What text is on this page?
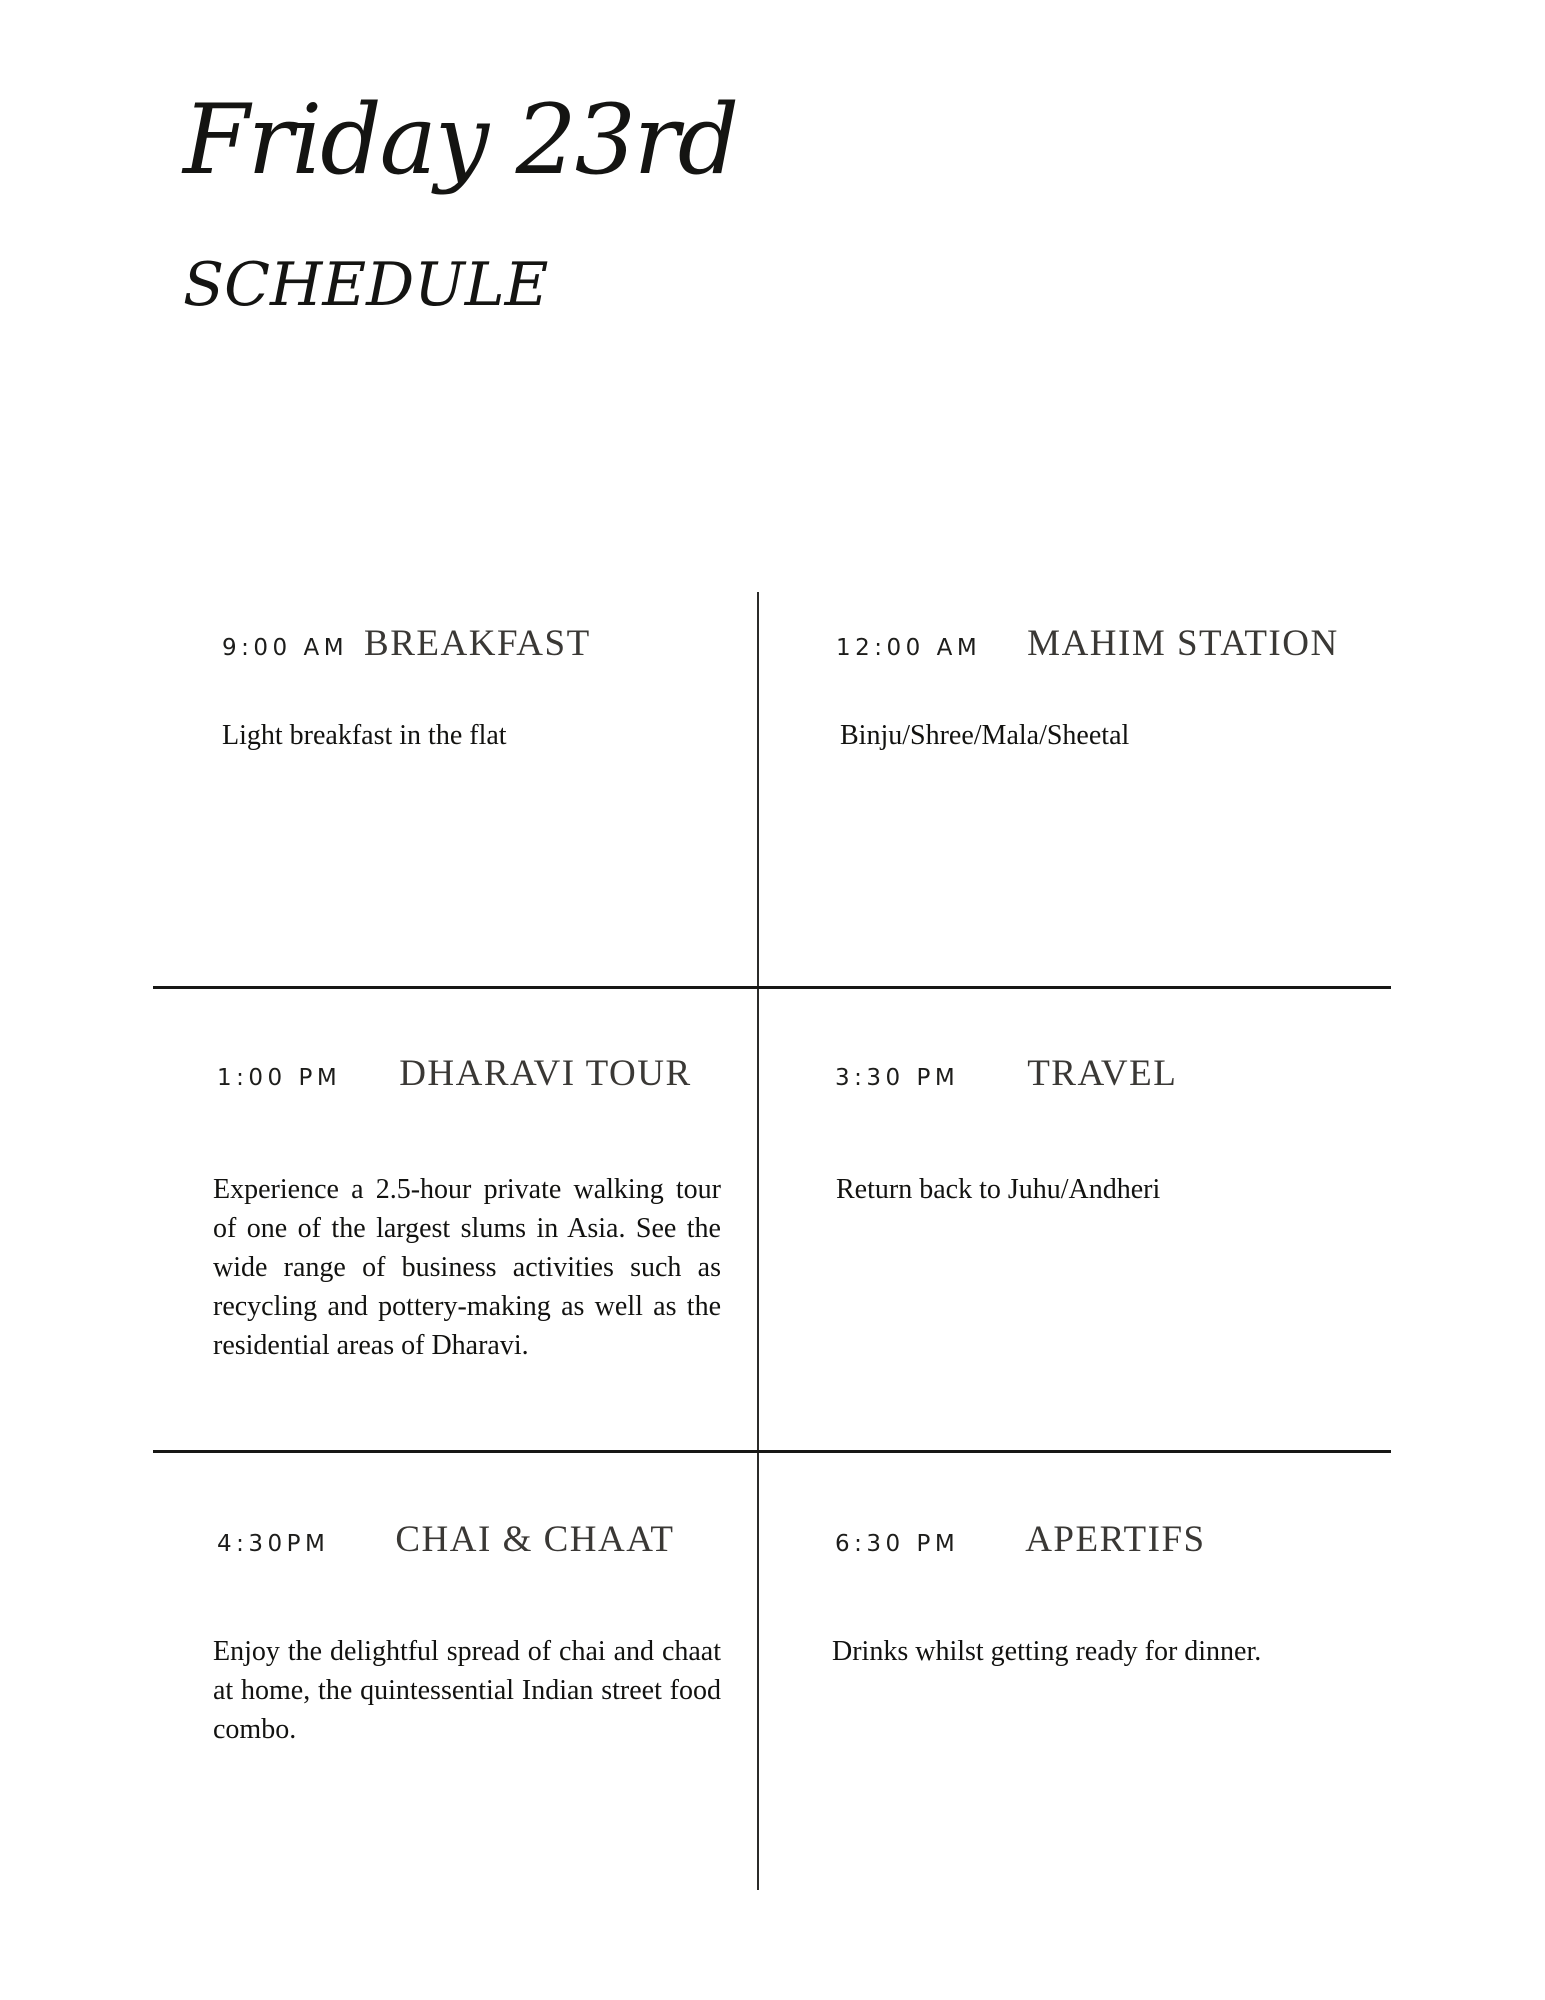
Friday 23rd
SCHEDULE
9:00 AM BREAKFAST
Light breakfast in the flat
12:00 AM MAHIM STATION
Binju/Shree/Mala/Sheetal
1:00 PM DHARAVI TOUR
Experience a 2.5-hour private walking tour of one of the largest slums in Asia. See the wide range of business activities such as recycling and pottery-making as well as the residential areas of Dharavi.
3:30 PM TRAVEL
Return back to Juhu/Andheri
4:30PM CHAI & CHAAT
Enjoy the delightful spread of chai and chaat at home, the quintessential Indian street food combo.
6:30 PM APERTIFS
Drinks whilst getting ready for dinner.
